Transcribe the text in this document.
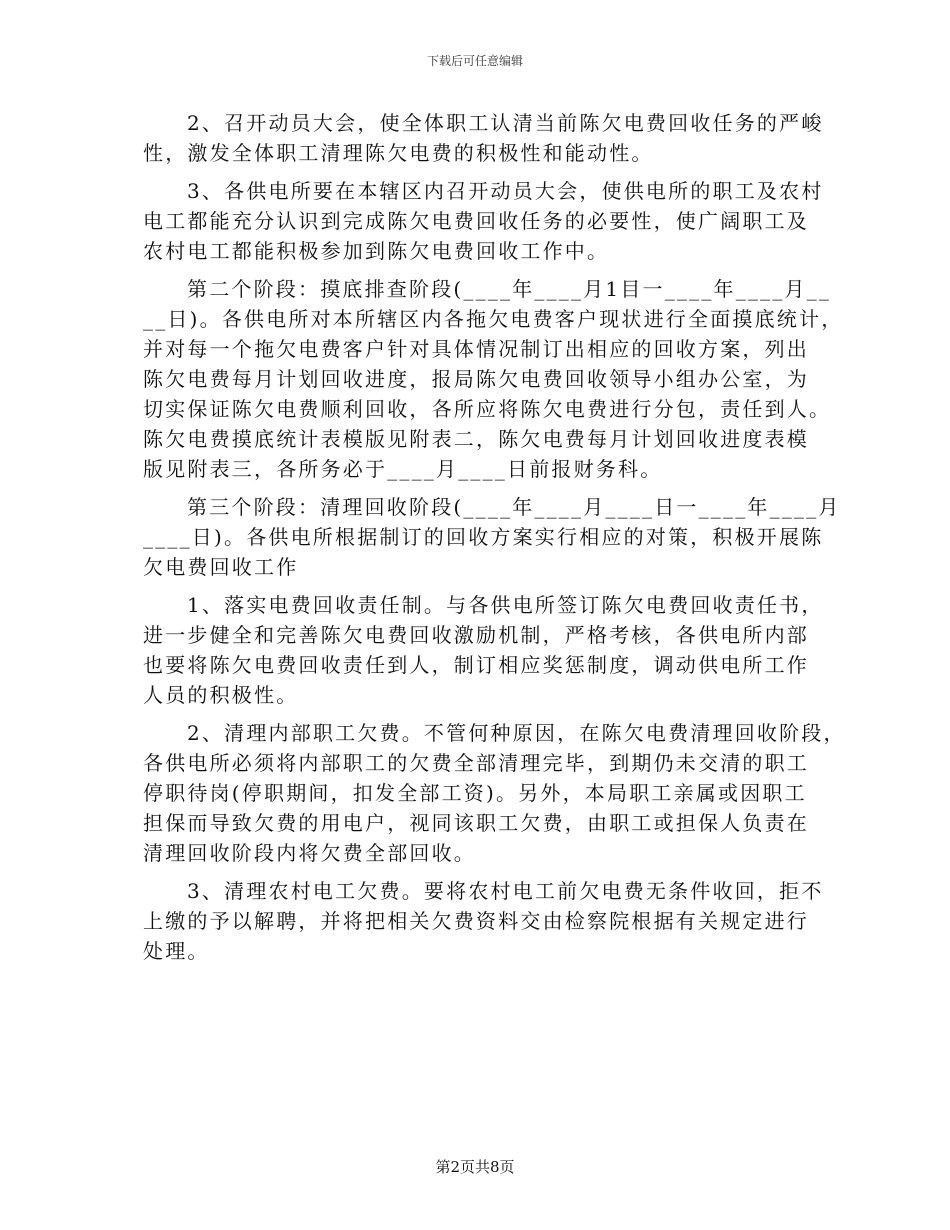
下载后可任意编辑
2、召开动员大会，使全体职工认清当前陈欠电费回收任务的严峻
性，激发全体职工清理陈欠电费的积极性和能动性。
3、各供电所要在本辖区内召开动员大会，使供电所的职工及农村
电工都能充分认识到完成陈欠电费回收任务的必要性，使广阔职工及
农村电工都能积极参加到陈欠电费回收工作中。
第二个阶段：摸底排查阶段(____年____月1目一____年____月__
__日)。各供电所对本所辖区内各拖欠电费客户现状进行全面摸底统计，
并对每一个拖欠电费客户针对具体情况制订出相应的回收方案，列出
陈欠电费每月计划回收进度，报局陈欠电费回收领导小组办公室，为
切实保证陈欠电费顺利回收，各所应将陈欠电费进行分包，责任到人。
陈欠电费摸底统计表模版见附表二，陈欠电费每月计划回收进度表模
版见附表三，各所务必于____月____日前报财务科。
第三个阶段：清理回收阶段(____年____月____日一____年____月
____日)。各供电所根据制订的回收方案实行相应的对策，积极开展陈
欠电费回收工作
1、落实电费回收责任制。与各供电所签订陈欠电费回收责任书，
进一步健全和完善陈欠电费回收激励机制，严格考核，各供电所内部
也要将陈欠电费回收责任到人，制订相应奖惩制度，调动供电所工作
人员的积极性。
2、清理内部职工欠费。不管何种原因，在陈欠电费清理回收阶段，
各供电所必须将内部职工的欠费全部清理完毕，到期仍未交清的职工
停职待岗(停职期间，扣发全部工资)。另外，本局职工亲属或因职工
担保而导致欠费的用电户，视同该职工欠费，由职工或担保人负责在
清理回收阶段内将欠费全部回收。
3、清理农村电工欠费。要将农村电工前欠电费无条件收回，拒不
上缴的予以解聘，并将把相关欠费资料交由检察院根据有关规定进行
处理。
第2页共8页
